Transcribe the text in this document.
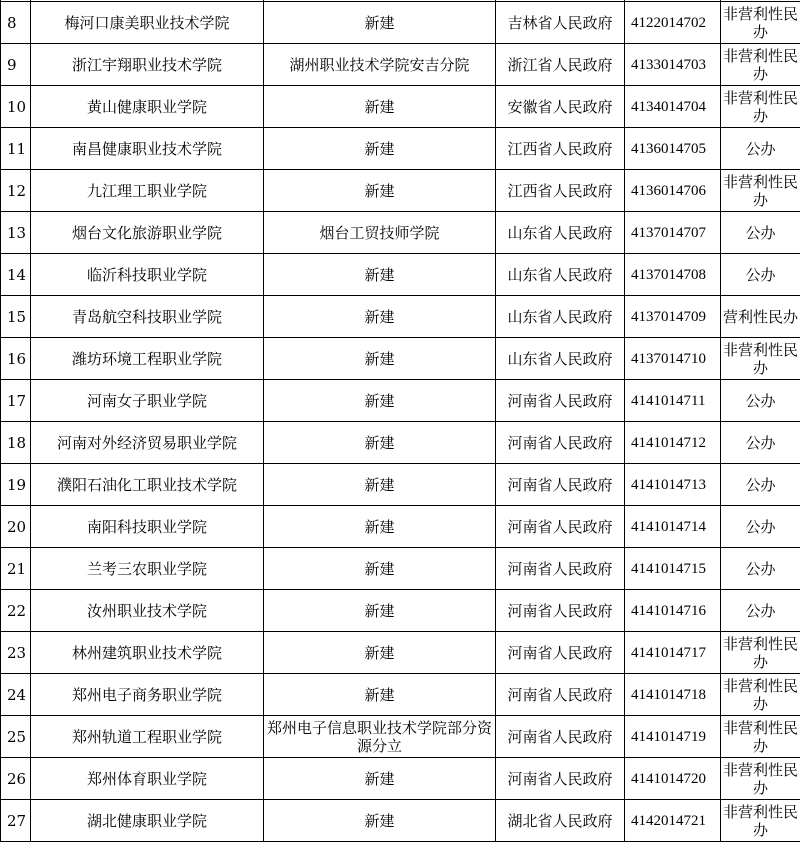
8	梅河口康美职业技术学院	新建	吉林省人民政府	4122014702	非营利性民办
9	浙江宇翔职业技术学院	湖州职业技术学院安吉分院	浙江省人民政府	4133014703	非营利性民办
10	黄山健康职业学院	新建	安徽省人民政府	4134014704	非营利性民办
11	南昌健康职业技术学院	新建	江西省人民政府	4136014705	公办
12	九江理工职业学院	新建	江西省人民政府	4136014706	非营利性民办
13	烟台文化旅游职业学院	烟台工贸技师学院	山东省人民政府	4137014707	公办
14	临沂科技职业学院	新建	山东省人民政府	4137014708	公办
15	青岛航空科技职业学院	新建	山东省人民政府	4137014709	营利性民办
16	潍坊环境工程职业学院	新建	山东省人民政府	4137014710	非营利性民办
17	河南女子职业学院	新建	河南省人民政府	4141014711	公办
18	河南对外经济贸易职业学院	新建	河南省人民政府	4141014712	公办
19	濮阳石油化工职业技术学院	新建	河南省人民政府	4141014713	公办
20	南阳科技职业学院	新建	河南省人民政府	4141014714	公办
21	兰考三农职业学院	新建	河南省人民政府	4141014715	公办
22	汝州职业技术学院	新建	河南省人民政府	4141014716	公办
23	林州建筑职业技术学院	新建	河南省人民政府	4141014717	非营利性民办
24	郑州电子商务职业学院	新建	河南省人民政府	4141014718	非营利性民办
25	郑州轨道工程职业学院	郑州电子信息职业技术学院部分资源分立	河南省人民政府	4141014719	非营利性民办
26	郑州体育职业学院	新建	河南省人民政府	4141014720	非营利性民办
27	湖北健康职业学院	新建	湖北省人民政府	4142014721	非营利性民办
